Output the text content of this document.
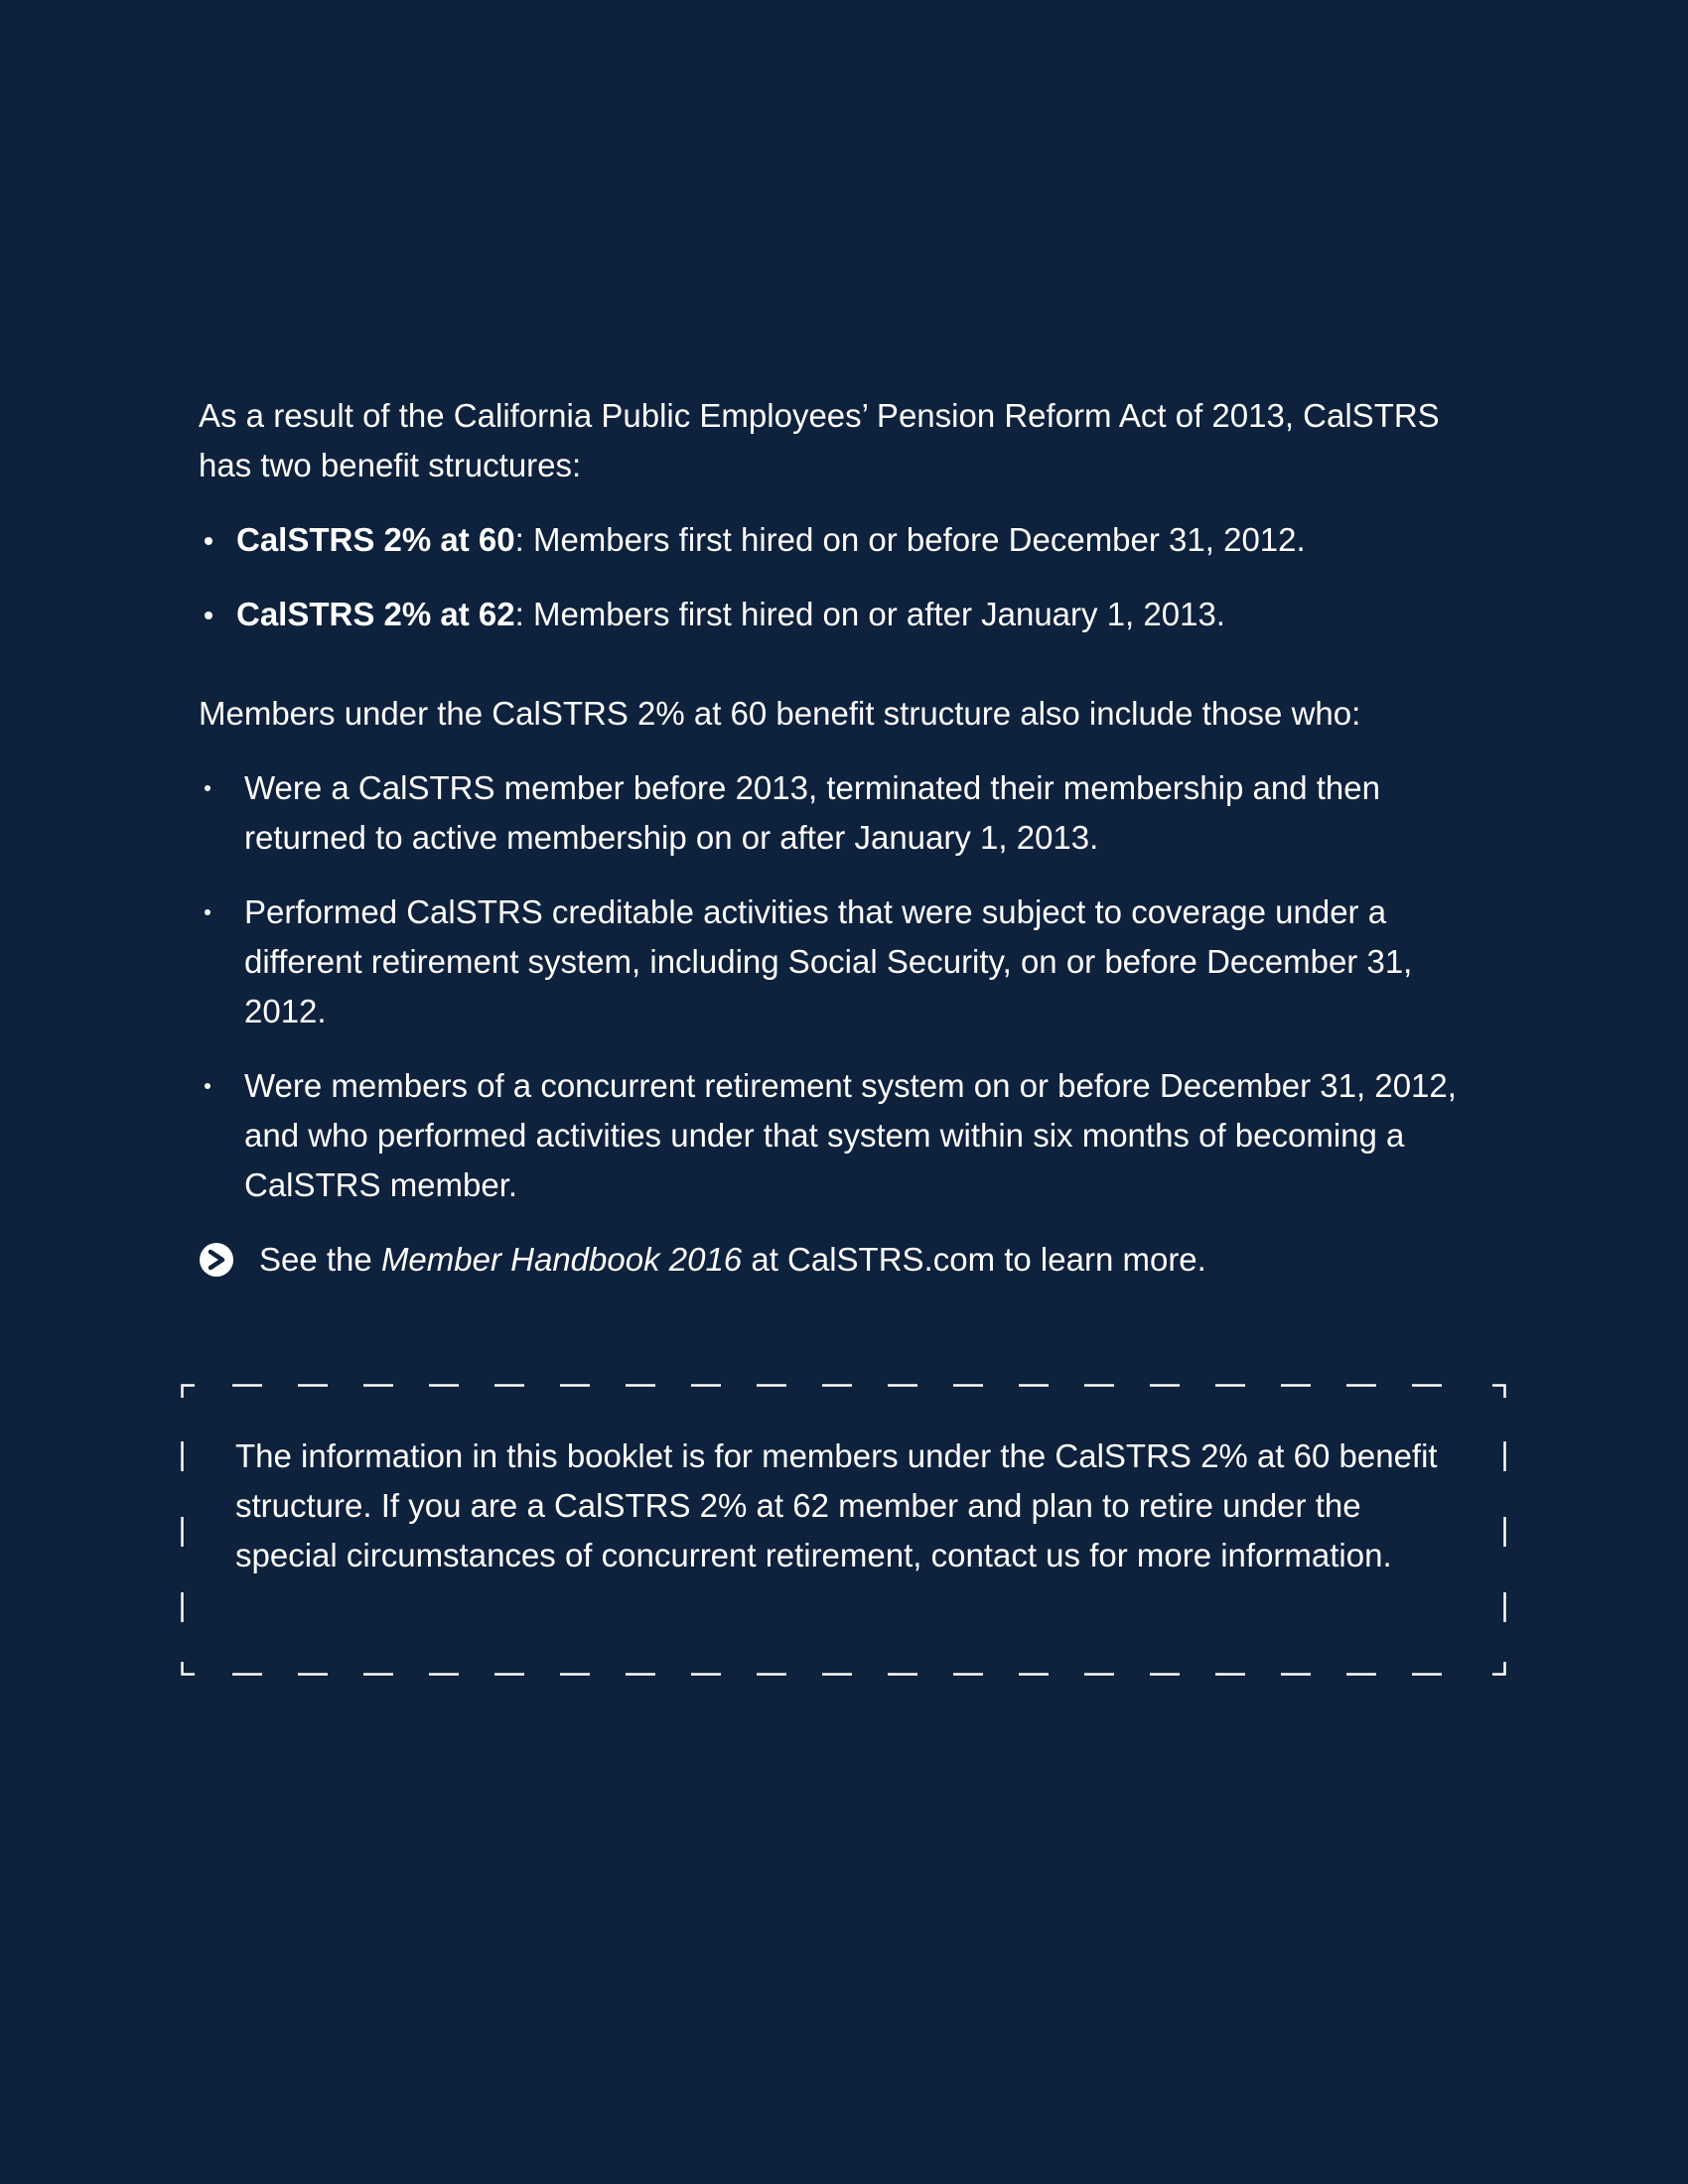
As a result of the California Public Employees’ Pension Reform Act of 2013, CalSTRS has two benefit structures:

CalSTRS 2% at 60: Members first hired on or before December 31, 2012.
CalSTRS 2% at 62: Members first hired on or after January 1, 2013.

Members under the CalSTRS 2% at 60 benefit structure also include those who:

Were a CalSTRS member before 2013, terminated their membership and then returned to active membership on or after January 1, 2013.
Performed CalSTRS creditable activities that were subject to coverage under a different retirement system, including Social Security, on or before December 31, 2012.
Were members of a concurrent retirement system on or before December 31, 2012, and who performed activities under that system within six months of becoming a CalSTRS member.

See the Member Handbook 2016 at CalSTRS.com to learn more.

The information in this booklet is for members under the CalSTRS 2% at 60 benefit structure. If you are a CalSTRS 2% at 62 member and plan to retire under the special circumstances of concurrent retirement, contact us for more information.
